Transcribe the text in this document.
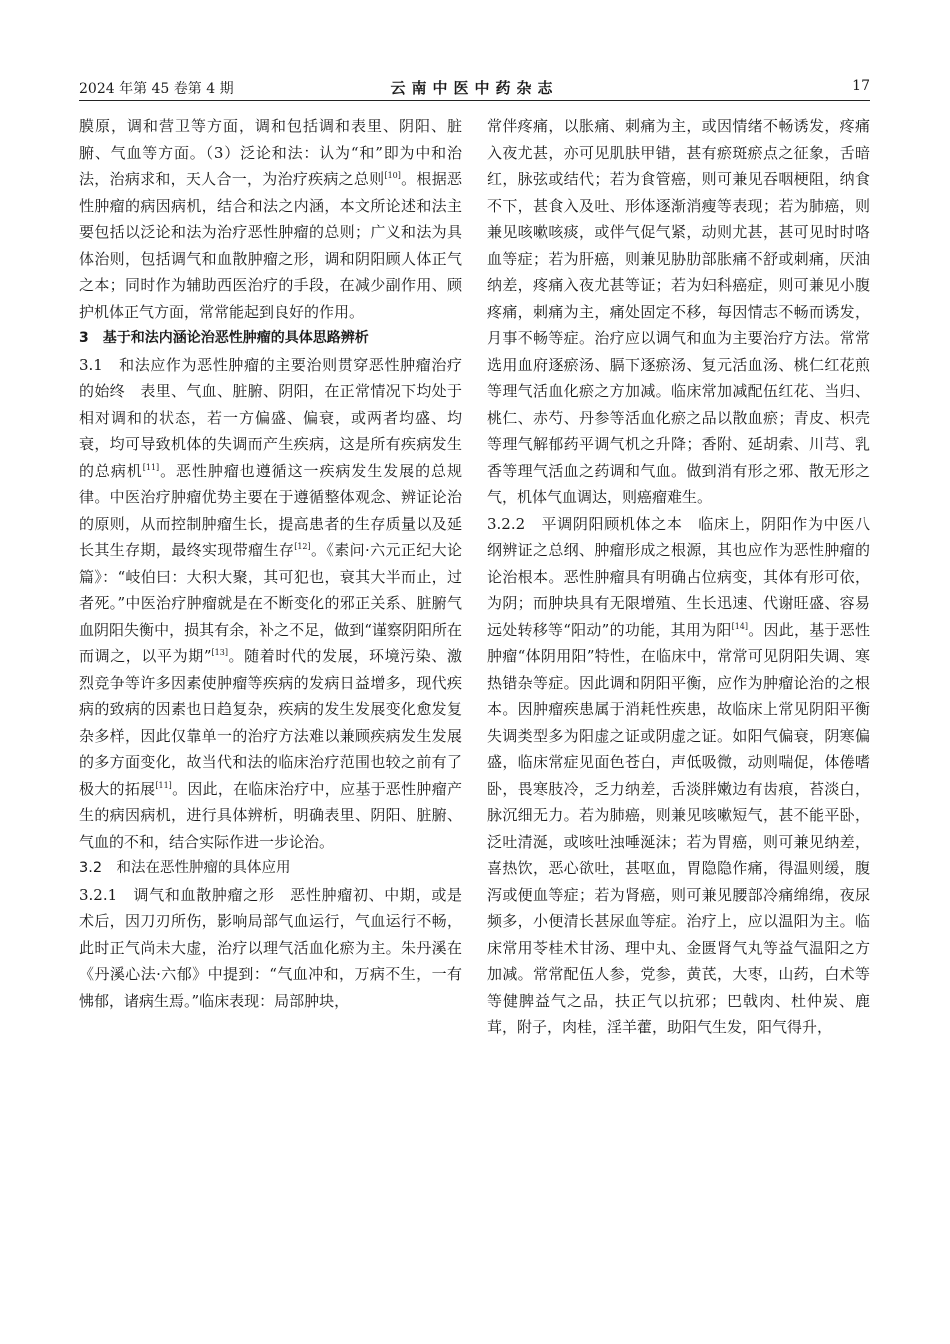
2024 年第 45 卷第 4 期	云南中医中药杂志	17

膜原，调和营卫等方面，调和包括调和表里、阴阳、脏腑、气血等方面。（3）泛论和法：认为“和”即为中和治法，治病求和，天人合一，为治疗疾病之总则[10]。根据恶性肿瘤的病因病机，结合和法之内涵，本文所论述和法主要包括以泛论和法为治疗恶性肿瘤的总则；广义和法为具体治则，包括调气和血散肿瘤之形，调和阴阳顾人体正气之本；同时作为辅助西医治疗的手段，在减少副作用、顾护机体正气方面，常常能起到良好的作用。

3　基于和法内涵论治恶性肿瘤的具体思路辨析

3.1　和法应作为恶性肿瘤的主要治则贯穿恶性肿瘤治疗的始终　表里、气血、脏腑、阴阳，在正常情况下均处于相对调和的状态，若一方偏盛、偏衰，或两者均盛、均衰，均可导致机体的失调而产生疾病，这是所有疾病发生的总病机[11]。恶性肿瘤也遵循这一疾病发生发展的总规律。中医治疗肿瘤优势主要在于遵循整体观念、辨证论治的原则，从而控制肿瘤生长，提高患者的生存质量以及延长其生存期，最终实现带瘤生存[12]。《素问·六元正纪大论篇》：“岐伯曰：大积大聚，其可犯也，衰其大半而止，过者死。”中医治疗肿瘤就是在不断变化的邪正关系、脏腑气血阴阳失衡中，损其有余，补之不足，做到“谨察阴阳所在而调之，以平为期”[13]。随着时代的发展，环境污染、激烈竞争等许多因素使肿瘤等疾病的发病日益增多，现代疾病的致病的因素也日趋复杂，疾病的发生发展变化愈发复杂多样，因此仅靠单一的治疗方法难以兼顾疾病发生发展的多方面变化，故当代和法的临床治疗范围也较之前有了极大的拓展[11]。因此，在临床治疗中，应基于恶性肿瘤产生的病因病机，进行具体辨析，明确表里、阴阳、脏腑、气血的不和，结合实际作进一步论治。

3.2　和法在恶性肿瘤的具体应用

3.2.1　调气和血散肿瘤之形　恶性肿瘤初、中期，或是术后，因刀刃所伤，影响局部气血运行，气血运行不畅，此时正气尚未大虚，治疗以理气活血化瘀为主。朱丹溪在《丹溪心法·六郁》中提到：“气血冲和，万病不生，一有怫郁，诸病生焉。”临床表现：局部肿块，

常伴疼痛，以胀痛、刺痛为主，或因情绪不畅诱发，疼痛入夜尤甚，亦可见肌肤甲错，甚有瘀斑瘀点之征象，舌暗红，脉弦或结代；若为食管癌，则可兼见吞咽梗阻，纳食不下，甚食入及吐、形体逐渐消瘦等表现；若为肺癌，则兼见咳嗽咳痰，或伴气促气紧，动则尤甚，甚可见时时咯血等症；若为肝癌，则兼见胁肋部胀痛不舒或刺痛，厌油纳差，疼痛入夜尤甚等证；若为妇科癌症，则可兼见小腹疼痛，刺痛为主，痛处固定不移，每因情志不畅而诱发，月事不畅等症。治疗应以调气和血为主要治疗方法。常常选用血府逐瘀汤、膈下逐瘀汤、复元活血汤、桃仁红花煎等理气活血化瘀之方加减。临床常加减配伍红花、当归、桃仁、赤芍、丹参等活血化瘀之品以散血瘀；青皮、枳壳等理气解郁药平调气机之升降；香附、延胡索、川芎、乳香等理气活血之药调和气血。做到消有形之邪、散无形之气，机体气血调达，则癌瘤难生。

3.2.2　平调阴阳顾机体之本　临床上，阴阳作为中医八纲辨证之总纲、肿瘤形成之根源，其也应作为恶性肿瘤的论治根本。恶性肿瘤具有明确占位病变，其体有形可依，为阴；而肿块具有无限增殖、生长迅速、代谢旺盛、容易远处转移等“阳动”的功能，其用为阳[14]。因此，基于恶性肿瘤“体阴用阳”特性，在临床中，常常可见阴阳失调、寒热错杂等症。因此调和阴阳平衡，应作为肿瘤论治的之根本。因肿瘤疾患属于消耗性疾患，故临床上常见阴阳平衡失调类型多为阳虚之证或阴虚之证。如阳气偏衰，阴寒偏盛，临床常症见面色苍白，声低吸微，动则喘促，体倦嗜卧，畏寒肢冷，乏力纳差，舌淡胖嫩边有齿痕，苔淡白，脉沉细无力。若为肺癌，则兼见咳嗽短气，甚不能平卧，泛吐清涎，或咳吐浊唾涎沫；若为胃癌，则可兼见纳差，喜热饮，恶心欲吐，甚呕血，胃隐隐作痛，得温则缓，腹泻或便血等症；若为肾癌，则可兼见腰部冷痛绵绵，夜尿频多，小便清长甚尿血等症。治疗上，应以温阳为主。临床常用苓桂术甘汤、理中丸、金匮肾气丸等益气温阳之方加减。常常配伍人参，党参，黄芪，大枣，山药，白术等等健脾益气之品，扶正气以抗邪；巴戟肉、杜仲炭、鹿茸，附子，肉桂，淫羊藿，助阳气生发，阳气得升，
